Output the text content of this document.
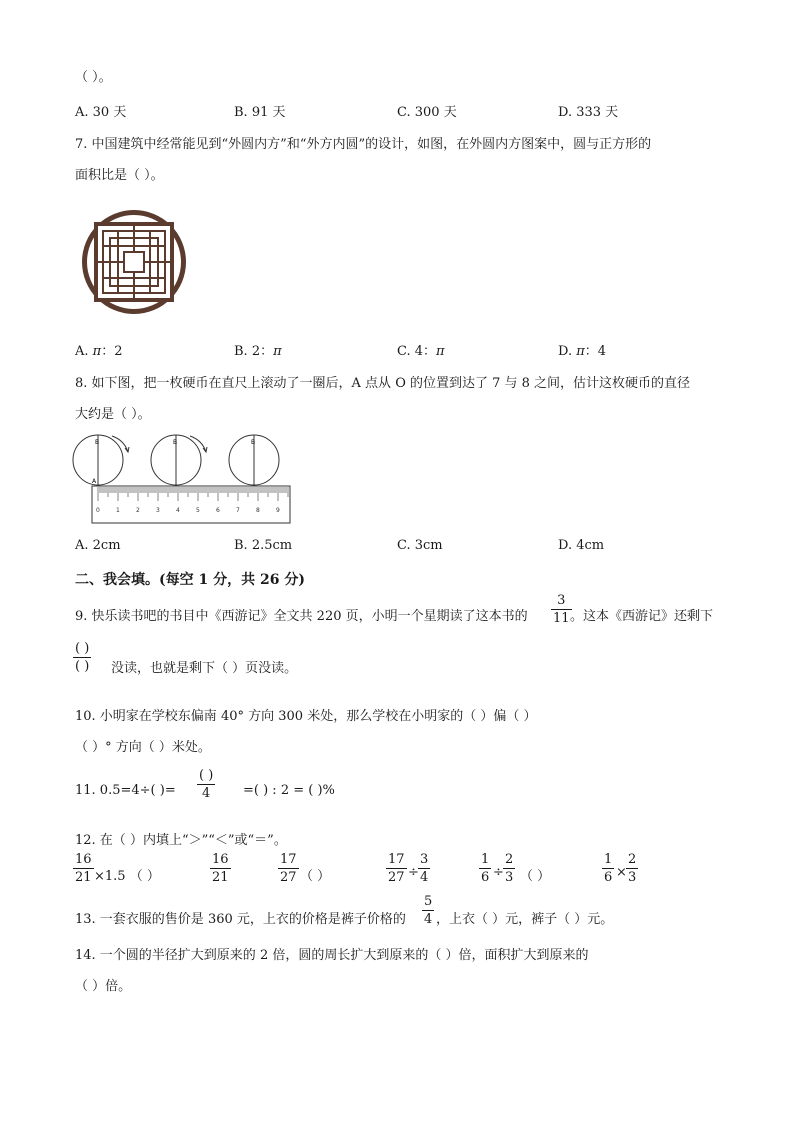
（ ）。
A. 30 天	B. 91 天	C. 300 天	D. 333 天
7. 中国建筑中经常能见到“外圆内方”和“外方内圆”的设计，如图，在外圆内方图案中，圆与正方形的
面积比是（ ）。
A. π：2	B. 2：π	C. 4：π	D. π：4
8. 如下图，把一枚硬币在直尺上滚动了一圈后，A 点从 O 的位置到达了 7 与 8 之间，估计这枚硬币的直径
大约是（ ）。
B
A
B	B
0	1	2	3	4	5	6	7	8	9
A. 2cm	B. 2.5cm	C. 3cm	D. 4cm
二、我会填。(每空 1 分，共 26 分)
9. 快乐读书吧的书目中《西游记》全文共 220 页，小明一个星期读了这本书的
3
11 。这本《西游记》还剩下
( )
( ) 没读，也就是剩下（ ）页没读。
10. 小明家在学校东偏南 40° 方向 300 米处，那么学校在小明家的（ ）偏（ ）
（ ）° 方向（ ）米处。
11. 0.5=4÷( )=
( )
4	=( ) : 2 = ( )%
12. 在（ ）内填上“＞”“＜”或“＝”。
16
21 ×1.5 （ ）
16
21
17
27 （ ）
17
27 ÷
3
4
1
6 ÷
2
3 （ ）
1
6 ×
2
3
13. 一套衣服的售价是 360 元，上衣的价格是裤子价格的
5
4 ，上衣（ ）元，裤子（ ）元。
14. 一个圆的半径扩大到原来的 2 倍，圆的周长扩大到原来的（ ）倍，面积扩大到原来的
（ ）倍。
